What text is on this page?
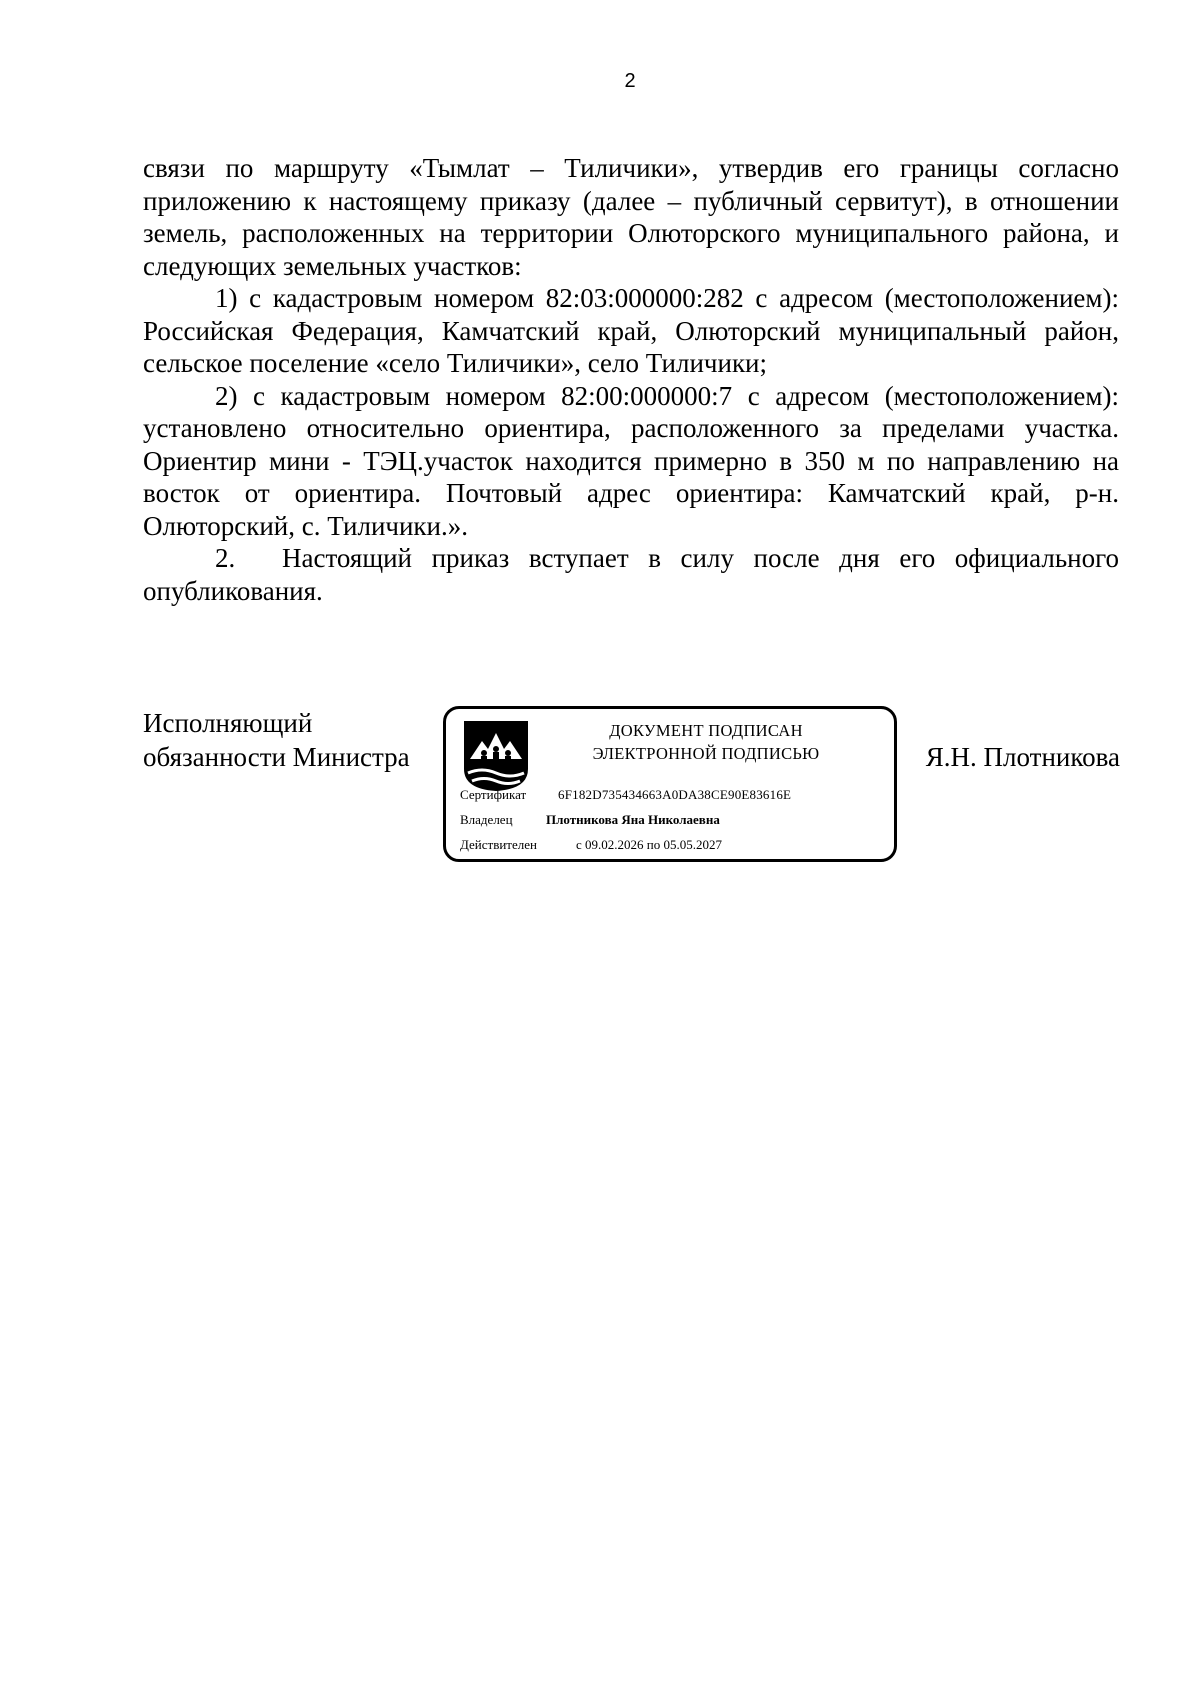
2

связи по маршруту «Тымлат – Тиличики», утвердив его границы согласно приложению к настоящему приказу (далее – публичный сервитут), в отношении земель, расположенных на территории Олюторского муниципального района, и следующих земельных участков:

1) с кадастровым номером 82:03:000000:282 с адресом (местоположением): Российская Федерация, Камчатский край, Олюторский муниципальный район, сельское поселение «село Тиличики», село Тиличики;

2) с кадастровым номером 82:00:000000:7 с адресом (местоположением): установлено относительно ориентира, расположенного за пределами участка. Ориентир мини - ТЭЦ.участок находится примерно в 350 м по направлению на восток от ориентира. Почтовый адрес ориентира: Камчатский край, р-н. Олюторский, с. Тиличики.».

2. Настоящий приказ вступает в силу после дня его официального опубликования.

Исполняющий
обязанности Министра
ДОКУМЕНТ ПОДПИСАН
ЭЛЕКТРОННОЙ ПОДПИСЬЮ
Сертификат 6F182D735434663A0DA38CE90E83616E
Владелец	Плотникова Яна Николаевна
Действителен	с 09.02.2026 по 05.05.2027
Я.Н. Плотникова
